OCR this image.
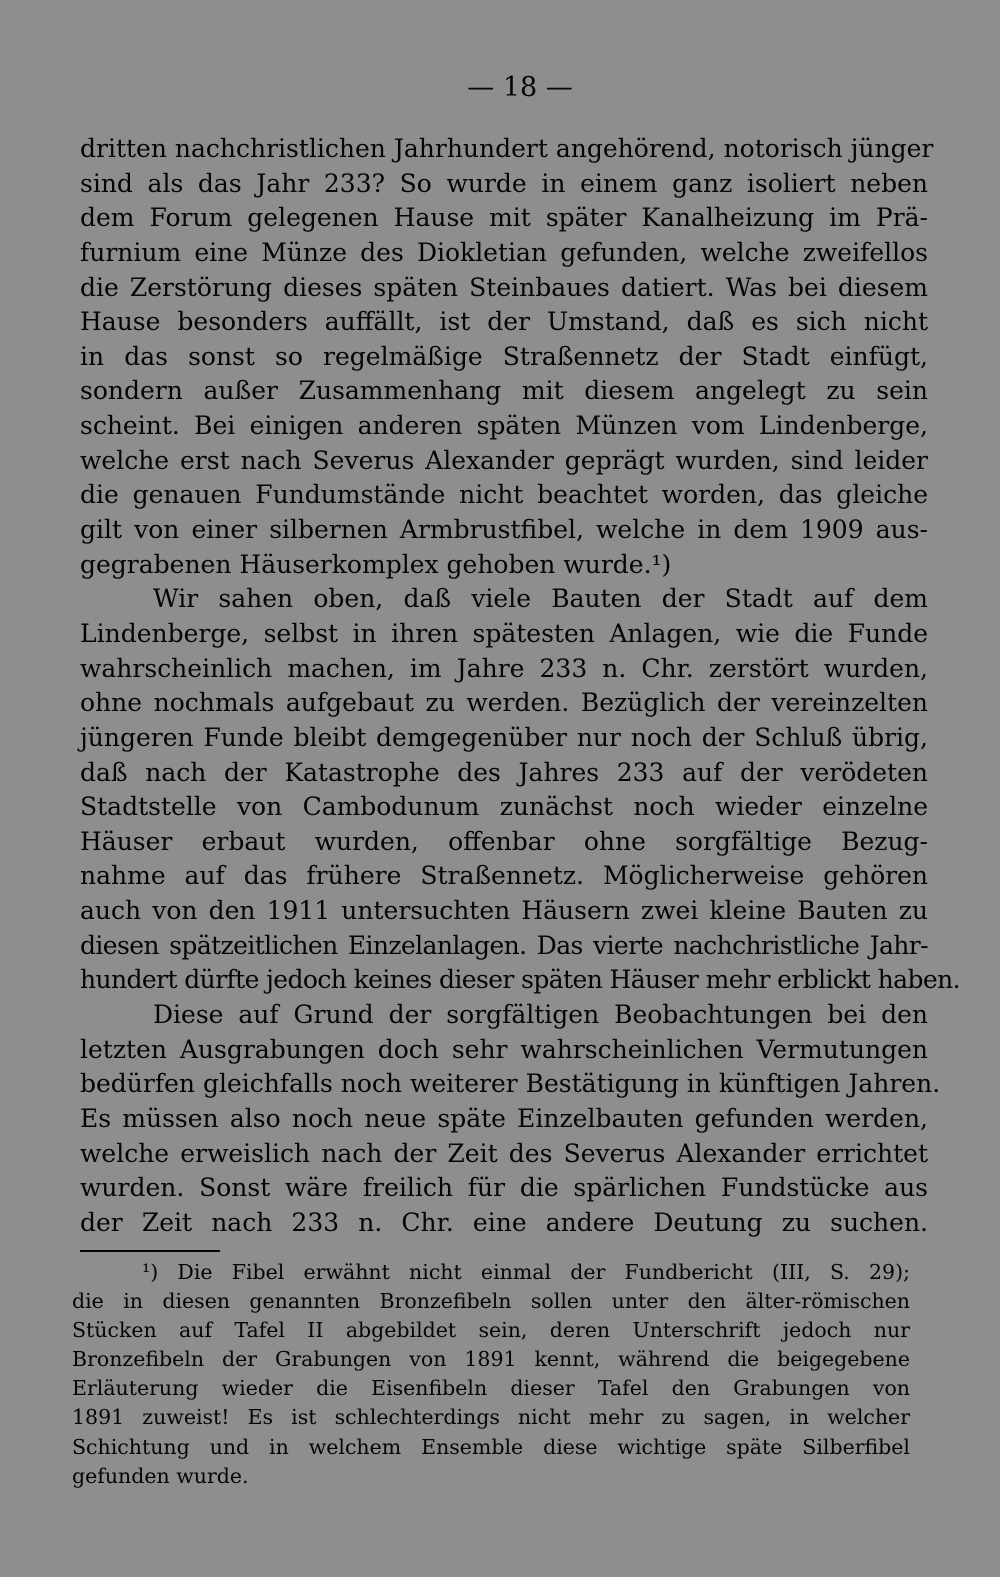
— 18 —
dritten nachchristlichen Jahrhundert angehörend, notorisch jünger
sind als das Jahr 233? So wurde in einem ganz isoliert neben
dem Forum gelegenen Hause mit später Kanalheizung im Prä-
furnium eine Münze des Diokletian gefunden, welche zweifellos
die Zerstörung dieses späten Steinbaues datiert. Was bei diesem
Hause besonders auffällt, ist der Umstand, daß es sich nicht
in das sonst so regelmäßige Straßennetz der Stadt einfügt,
sondern außer Zusammenhang mit diesem angelegt zu sein
scheint. Bei einigen anderen späten Münzen vom Lindenberge,
welche erst nach Severus Alexander geprägt wurden, sind leider
die genauen Fundumstände nicht beachtet worden, das gleiche
gilt von einer silbernen Armbrustfibel, welche in dem 1909 aus-
gegrabenen Häuserkomplex gehoben wurde.¹)
Wir sahen oben, daß viele Bauten der Stadt auf dem
Lindenberge, selbst in ihren spätesten Anlagen, wie die Funde
wahrscheinlich machen, im Jahre 233 n. Chr. zerstört wurden,
ohne nochmals aufgebaut zu werden. Bezüglich der vereinzelten
jüngeren Funde bleibt demgegenüber nur noch der Schluß übrig,
daß nach der Katastrophe des Jahres 233 auf der verödeten
Stadtstelle von Cambodunum zunächst noch wieder einzelne
Häuser erbaut wurden, offenbar ohne sorgfältige Bezug-
nahme auf das frühere Straßennetz. Möglicherweise gehören
auch von den 1911 untersuchten Häusern zwei kleine Bauten zu
diesen spätzeitlichen Einzelanlagen. Das vierte nachchristliche Jahr-
hundert dürfte jedoch keines dieser späten Häuser mehr erblickt haben.
Diese auf Grund der sorgfältigen Beobachtungen bei den
letzten Ausgrabungen doch sehr wahrscheinlichen Vermutungen
bedürfen gleichfalls noch weiterer Bestätigung in künftigen Jahren.
Es müssen also noch neue späte Einzelbauten gefunden werden,
welche erweislich nach der Zeit des Severus Alexander errichtet
wurden. Sonst wäre freilich für die spärlichen Fundstücke aus
der Zeit nach 233 n. Chr. eine andere Deutung zu suchen.
¹) Die Fibel erwähnt nicht einmal der Fundbericht (III, S. 29);
die in diesen genannten Bronzefibeln sollen unter den älter-römischen
Stücken auf Tafel II abgebildet sein, deren Unterschrift jedoch nur
Bronzefibeln der Grabungen von 1891 kennt, während die beigegebene
Erläuterung wieder die Eisenfibeln dieser Tafel den Grabungen von
1891 zuweist! Es ist schlechterdings nicht mehr zu sagen, in welcher
Schichtung und in welchem Ensemble diese wichtige späte Silberfibel
gefunden wurde.
